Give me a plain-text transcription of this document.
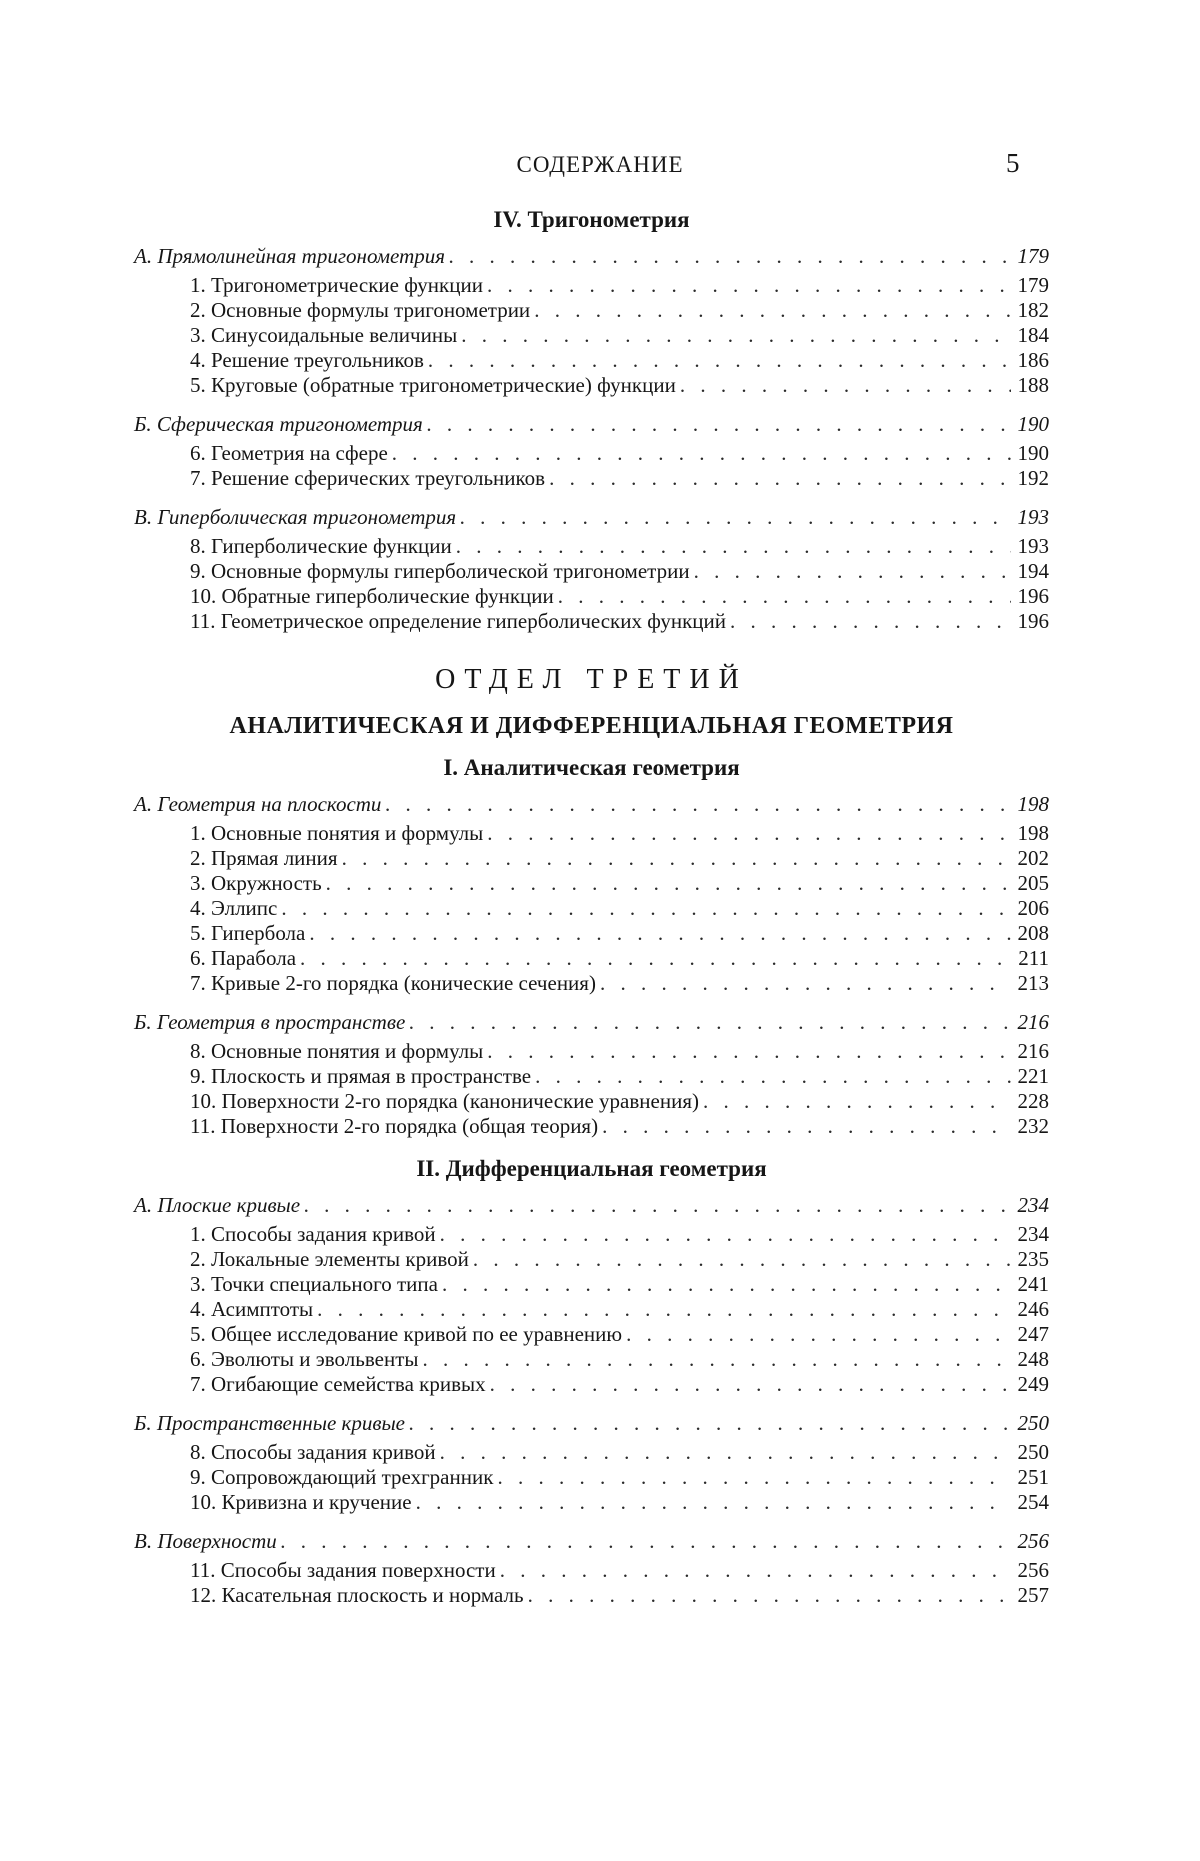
СОДЕРЖАНИЕ	5
IV. Тригонометрия
А. Прямолинейная тригонометрия . . .	179
1. Тригонометрические функции . . .	179
2. Основные формулы тригонометрии . . .	182
3. Синусоидальные величины . . .	184
4. Решение треугольников . . .	186
5. Круговые (обратные тригонометрические) функции . . .	188
Б. Сферическая тригонометрия . . .	190
6. Геометрия на сфере . . .	190
7. Решение сферических треугольников . . .	192
В. Гиперболическая тригонометрия . . .	193
8. Гиперболические функции . . .	193
9. Основные формулы гиперболической тригонометрии . . .	194
10. Обратные гиперболические функции . . .	196
11. Геометрическое определение гиперболических функций . . .	196
ОТДЕЛ ТРЕТИЙ
АНАЛИТИЧЕСКАЯ И ДИФФЕРЕНЦИАЛЬНАЯ ГЕОМЕТРИЯ
I. Аналитическая геометрия
А. Геометрия на плоскости . . .	198
1. Основные понятия и формулы . . .	198
2. Прямая линия . . .	202
3. Окружность . . .	205
4. Эллипс . . .	206
5. Гипербола . . .	208
6. Парабола . . .	211
7. Кривые 2-го порядка (конические сечения) . . .	213
Б. Геометрия в пространстве . . .	216
8. Основные понятия и формулы . . .	216
9. Плоскость и прямая в пространстве . . .	221
10. Поверхности 2-го порядка (канонические уравнения) . . .	228
11. Поверхности 2-го порядка (общая теория) . . .	232
II. Дифференциальная геометрия
А. Плоские кривые . . .	234
1. Способы задания кривой . . .	234
2. Локальные элементы кривой . . .	235
3. Точки специального типа . . .	241
4. Асимптоты . . .	246
5. Общее исследование кривой по ее уравнению . . .	247
6. Эволюты и эвольвенты . . .	248
7. Огибающие семейства кривых . . .	249
Б. Пространственные кривые . . .	250
8. Способы задания кривой . . .	250
9. Сопровождающий трехгранник . . .	251
10. Кривизна и кручение . . .	254
В. Поверхности . . .	256
11. Способы задания поверхности . . .	256
12. Касательная плоскость и нормаль . . .	257
